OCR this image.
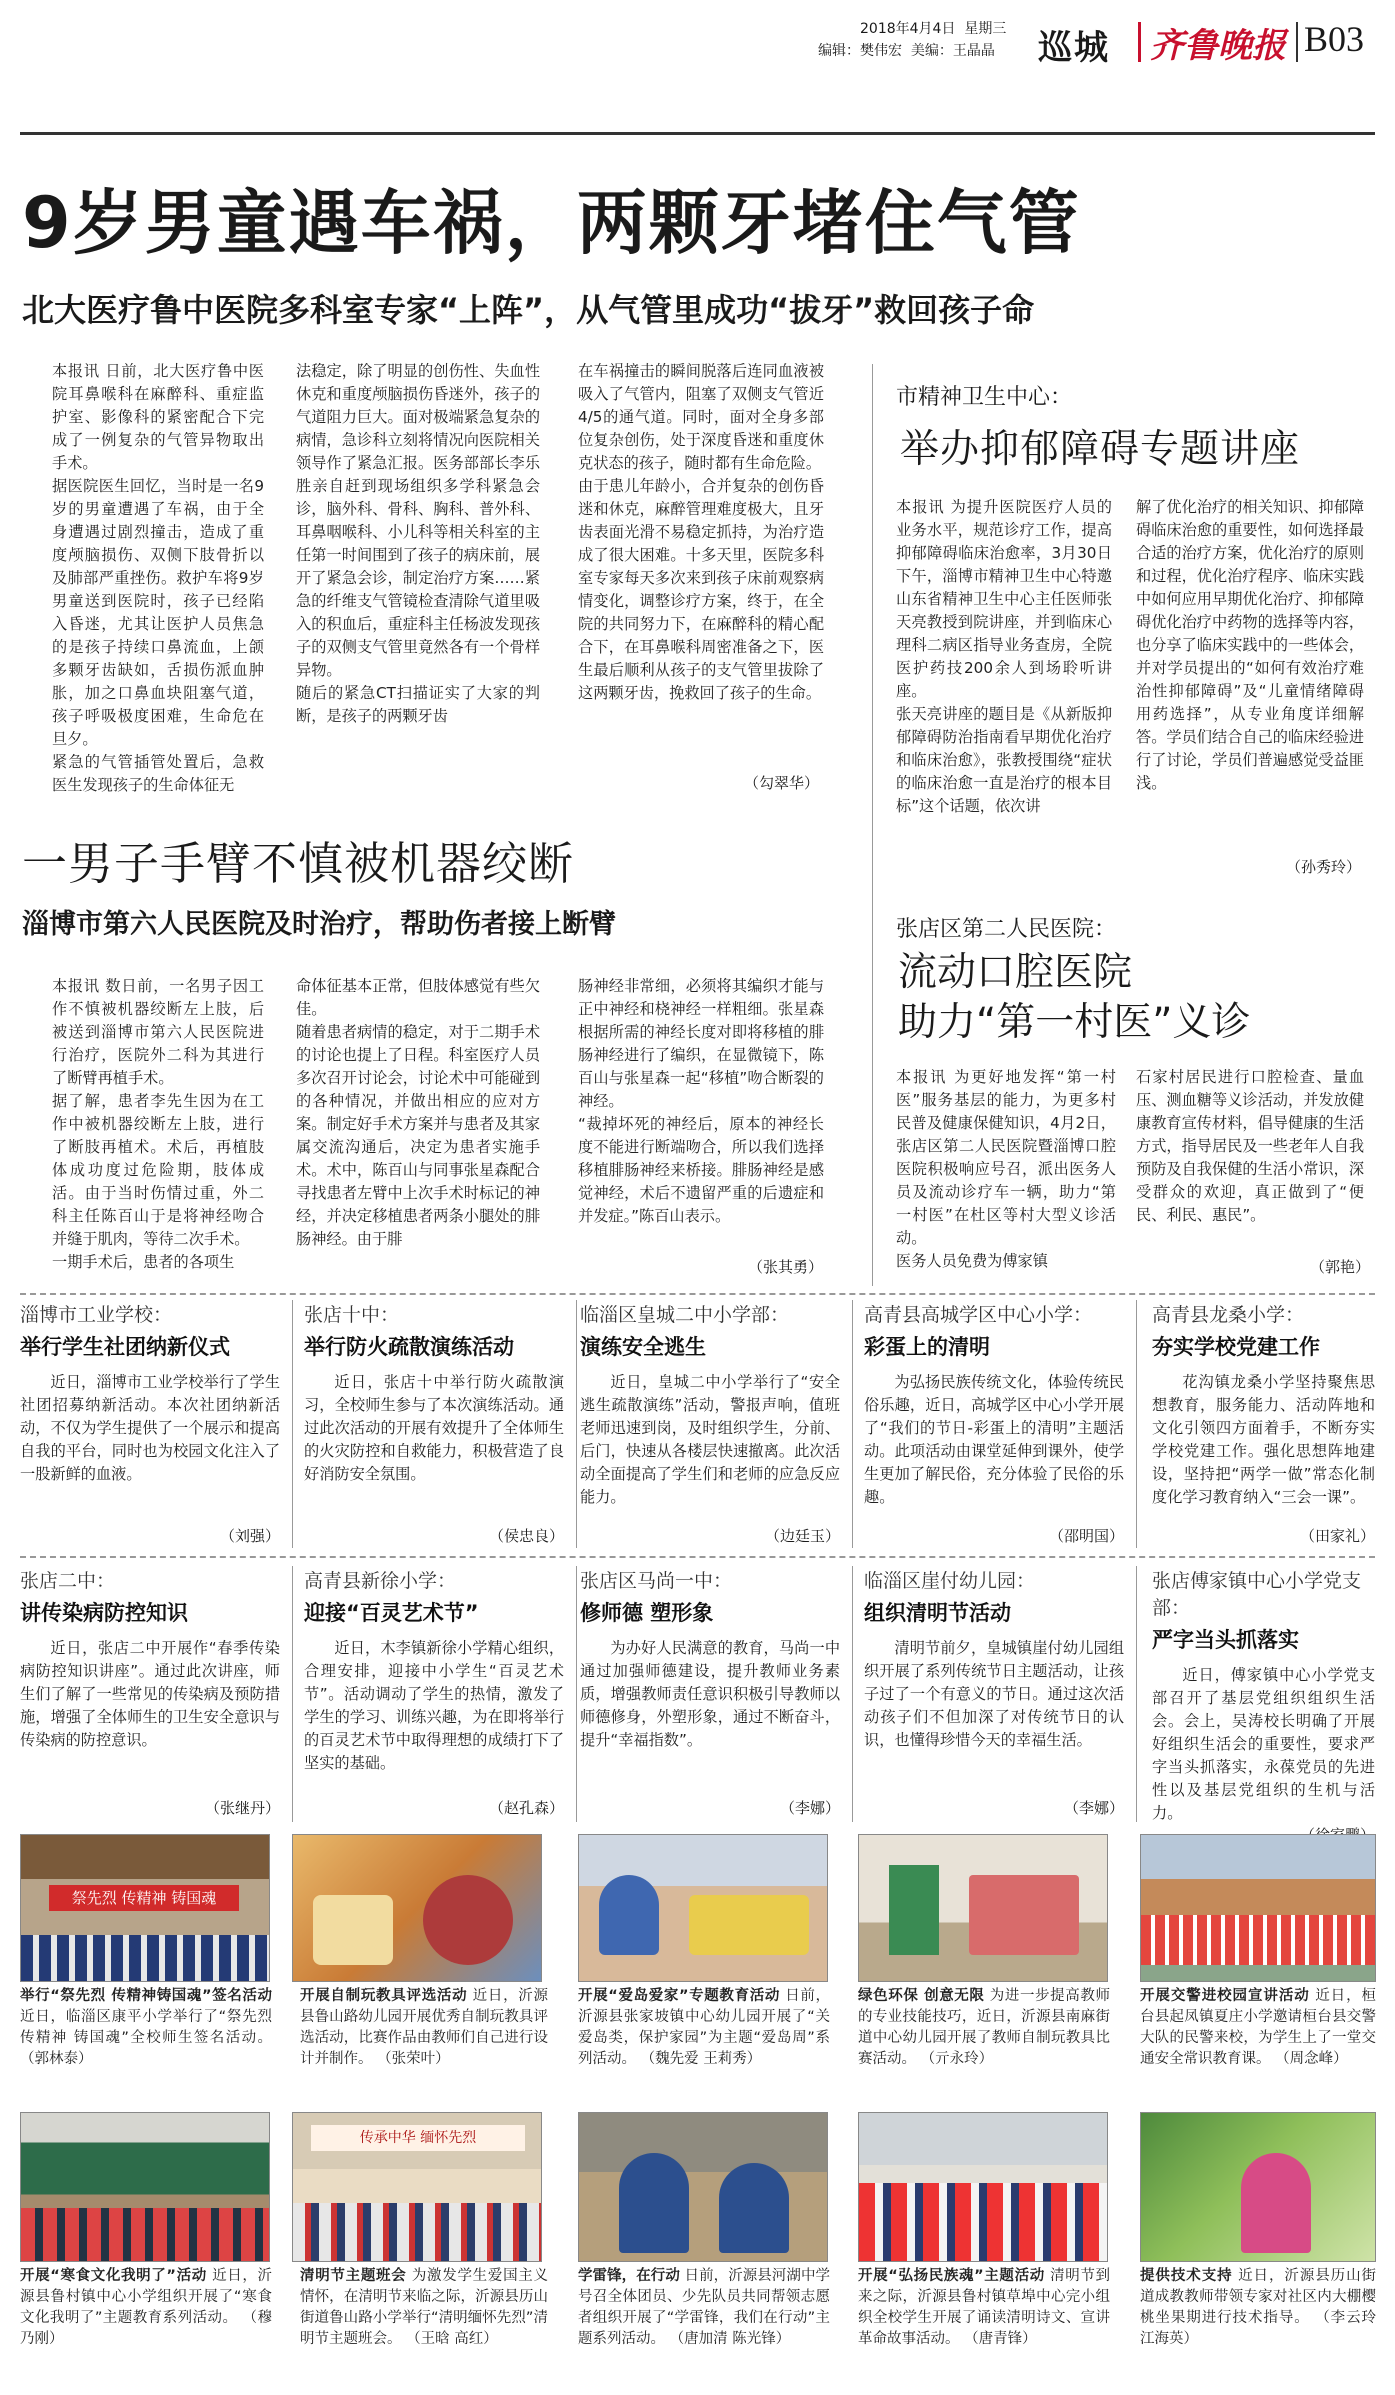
2018年4月4日 星期三
编辑：樊伟宏 美编：王晶晶 巡城 齐鲁晚报 B03
9岁男童遇车祸，两颗牙堵住气管
北大医疗鲁中医院多科室专家“上阵”，从气管里成功“拔牙”救回孩子命
本报讯 日前，北大医疗鲁中医院耳鼻喉科在麻醉科、重症监护室、影像科的紧密配合下完成了一例复杂的气管异物取出手术。
据医院医生回忆，当时是一名9岁的男童遭遇了车祸，由于全身遭遇过剧烈撞击，造成了重度颅脑损伤、双侧下肢骨折以及肺部严重挫伤。救护车将9岁男童送到医院时，孩子已经陷入昏迷，尤其让医护人员焦急的是孩子持续口鼻流血，上颌多颗牙齿缺如，舌损伤派血肿胀，加之口鼻血块阻塞气道，孩子呼吸极度困难，生命危在旦夕。
紧急的气管插管处置后，急救医生发现孩子的生命体征无
法稳定，除了明显的创伤性、失血性休克和重度颅脑损伤昏迷外，孩子的气道阻力巨大。面对极端紧急复杂的病情，急诊科立刻将情况向医院相关领导作了紧急汇报。医务部部长李乐胜亲自赶到现场组织多学科紧急会诊，脑外科、骨科、胸科、普外科、耳鼻咽喉科、小儿科等相关科室的主任第一时间围到了孩子的病床前，展开了紧急会诊，制定治疗方案……紧急的纤维支气管镜检查清除气道里吸入的积血后，重症科主任杨波发现孩子的双侧支气管里竟然各有一个骨样异物。
随后的紧急CT扫描证实了大家的判断，是孩子的两颗牙齿
在车祸撞击的瞬间脱落后连同血液被吸入了气管内，阻塞了双侧支气管近4/5的通气道。同时，面对全身多部位复杂创伤，处于深度昏迷和重度休克状态的孩子，随时都有生命危险。
由于患儿年龄小，合并复杂的创伤昏迷和休克，麻醉管理难度极大，且牙齿表面光滑不易稳定抓持，为治疗造成了很大困难。十多天里，医院多科室专家每天多次来到孩子床前观察病情变化，调整诊疗方案，终于，在全院的共同努力下，在麻醉科的精心配合下，在耳鼻喉科周密准备之下，医生最后顺利从孩子的支气管里拔除了这两颗牙齿，挽救回了孩子的生命。
（勾翠华）
市精神卫生中心：
举办抑郁障碍专题讲座
本报讯 为提升医院医疗人员的业务水平，规范诊疗工作，提高抑郁障碍临床治愈率，3月30日下午，淄博市精神卫生中心特邀山东省精神卫生中心主任医师张天亮教授到院讲座，并到临床心理科二病区指导业务查房，全院医护药技200余人到场聆听讲座。
张天亮讲座的题目是《从新版抑郁障碍防治指南看早期优化治疗和临床治愈》，张教授围绕“症状的临床治愈一直是治疗的根本目标”这个话题，依次讲
解了优化治疗的相关知识、抑郁障碍临床治愈的重要性，如何选择最合适的治疗方案，优化治疗的原则和过程，优化治疗程序、临床实践中如何应用早期优化治疗、抑郁障碍优化治疗中药物的选择等内容，也分享了临床实践中的一些体会，并对学员提出的“如何有效治疗难治性抑郁障碍”及“儿童情绪障碍用药选择”，从专业角度详细解答。学员们结合自己的临床经验进行了讨论，学员们普遍感觉受益匪浅。
（孙秀玲）
一男子手臂不慎被机器绞断
淄博市第六人民医院及时治疗，帮助伤者接上断臂
本报讯 数日前，一名男子因工作不慎被机器绞断左上肢，后被送到淄博市第六人民医院进行治疗，医院外二科为其进行了断臂再植手术。
据了解，患者李先生因为在工作中被机器绞断左上肢，进行了断肢再植术。术后，再植肢体成功度过危险期，肢体成活。由于当时伤情过重，外二科主任陈百山于是将神经吻合并缝于肌肉，等待二次手术。
一期手术后，患者的各项生
命体征基本正常，但肢体感觉有些欠佳。
随着患者病情的稳定，对于二期手术的讨论也提上了日程。科室医疗人员多次召开讨论会，讨论术中可能碰到的各种情况，并做出相应的应对方案。制定好手术方案并与患者及其家属交流沟通后，决定为患者实施手术。术中，陈百山与同事张星森配合寻找患者左臂中上次手术时标记的神经，并决定移植患者两条小腿处的腓肠神经。由于腓
肠神经非常细，必须将其编织才能与正中神经和桡神经一样粗细。张星森根据所需的神经长度对即将移植的腓肠神经进行了编织，在显微镜下，陈百山与张星森一起“移植”吻合断裂的神经。
“裁掉坏死的神经后，原本的神经长度不能进行断端吻合，所以我们选择移植腓肠神经来桥接。腓肠神经是感觉神经，术后不遗留严重的后遗症和并发症。”陈百山表示。
（张其勇）
张店区第二人民医院：
流动口腔医院
助力“第一村医”义诊
本报讯 为更好地发挥“第一村医”服务基层的能力，为更多村民普及健康保健知识，4月2日，张店区第二人民医院暨淄博口腔医院积极响应号召，派出医务人员及流动诊疗车一辆，助力“第一村医”在杜区等村大型义诊活动。
医务人员免费为傅家镇
石家村居民进行口腔检查、量血压、测血糖等义诊活动，并发放健康教育宣传材料，倡导健康的生活方式，指导居民及一些老年人自我预防及自我保健的生活小常识，深受群众的欢迎，真正做到了“便民、利民、惠民”。
（郭艳）
淄博市工业学校：
举行学生社团纳新仪式

近日，淄博市工业学校举行了学生社团招募纳新活动。本次社团纳新活动，不仅为学生提供了一个展示和提高自我的平台，同时也为校园文化注入了一股新鲜的血液。

（刘强）
张店十中：
举行防火疏散演练活动

近日，张店十中举行防火疏散演习，全校师生参与了本次演练活动。通过此次活动的开展有效提升了全体师生的火灾防控和自救能力，积极营造了良好消防安全氛围。

（侯忠良）
临淄区皇城二中小学部：
演练安全逃生

近日，皇城二中小学举行了“安全逃生疏散演练”活动，警报声响，值班老师迅速到岗，及时组织学生，分前、后门，快速从各楼层快速撤离。此次活动全面提高了学生们和老师的应急反应能力。

（边廷玉）
高青县高城学区中心小学：
彩蛋上的清明

为弘扬民族传统文化，体验传统民俗乐趣，近日，高城学区中心小学开展了“我们的节日-彩蛋上的清明”主题活动。此项活动由课堂延伸到课外，使学生更加了解民俗，充分体验了民俗的乐趣。

（邵明国）
高青县龙桑小学：
夯实学校党建工作

花沟镇龙桑小学坚持聚焦思想教育，服务能力、活动阵地和文化引领四方面着手，不断夯实学校党建工作。强化思想阵地建设，坚持把“两学一做”常态化制度化学习教育纳入“三会一课”。

（田家礼）
张店二中：
讲传染病防控知识

近日，张店二中开展作“春季传染病防控知识讲座”。通过此次讲座，师生们了解了一些常见的传染病及预防措施，增强了全体师生的卫生安全意识与传染病的防控意识。

（张继丹）
高青县新徐小学：
迎接“百灵艺术节”

近日，木李镇新徐小学精心组织，合理安排，迎接中小学生“百灵艺术节”。活动调动了学生的热情，激发了学生的学习、训练兴趣，为在即将举行的百灵艺术节中取得理想的成绩打下了坚实的基础。

（赵孔森）
张店区马尚一中：
修师德 塑形象

为办好人民满意的教育，马尚一中通过加强师德建设，提升教师业务素质，增强教师责任意识积极引导教师以师德修身，外塑形象，通过不断奋斗，提升“幸福指数”。

（李娜）
临淄区崖付幼儿园：
组织清明节活动

清明节前夕，皇城镇崖付幼儿园组织开展了系列传统节日主题活动，让孩子过了一个有意义的节日。通过这次活动孩子们不但加深了对传统节日的认识，也懂得珍惜今天的幸福生活。

（李娜）
张店傅家镇中心小学党支部：
严字当头抓落实

近日，傅家镇中心小学党支部召开了基层党组织组织生活会。会上，吴涛校长明确了开展好组织生活会的重要性，要求严字当头抓落实，永葆党员的先进性以及基层党组织的生机与活力。

祭先烈 传精神 铸国魂
举行“祭先烈 传精神铸国魂”签名活动 近日，临淄区康平小学举行了“祭先烈传精神 铸国魂”全校师生签名活动。 （郭林泰）
开展自制玩教具评选活动 近日，沂源县鲁山路幼儿园开展优秀自制玩教具评选活动，比赛作品由教师们自己进行设计并制作。 （张荣叶）
开展“爱岛爱家”专题教育活动 日前，沂源县张家坡镇中心幼儿园开展了“关爱岛类，保护家园”为主题“爱岛周”系列活动。 （魏先爱 王莉秀）
绿色环保 创意无限 为进一步提高教师的专业技能技巧，近日，沂源县南麻街道中心幼儿园开展了教师自制玩教具比赛活动。 （亓永玲）
开展交警进校园宣讲活动 近日，桓台县起凤镇夏庄小学邀请桓台县交警大队的民警来校，为学生上了一堂交通安全常识教育课。 （周念峰）
开展“寒食文化我明了”活动 近日，沂源县鲁村镇中心小学组织开展了“寒食文化我明了”主题教育系列活动。 （穆乃刚）
传承中华 缅怀先烈
清明节主题班会 为激发学生爱国主义情怀，在清明节来临之际，沂源县历山街道鲁山路小学举行“清明缅怀先烈”清明节主题班会。 （王晗 高红）
学雷锋，在行动 日前，沂源县河湖中学号召全体团员、少先队员共同帮领志愿者组织开展了“学雷锋，我们在行动”主题系列活动。 （唐加清 陈光锋）
开展“弘扬民族魂”主题活动 清明节到来之际，沂源县鲁村镇草埠中心完小组织全校学生开展了诵读清明诗文、宣讲革命故事活动。 （唐青锋）
提供技术支持 近日，沂源县历山街道成教教师带领专家对社区内大棚樱桃坐果期进行技术指导。 （李云玲 江海英）
